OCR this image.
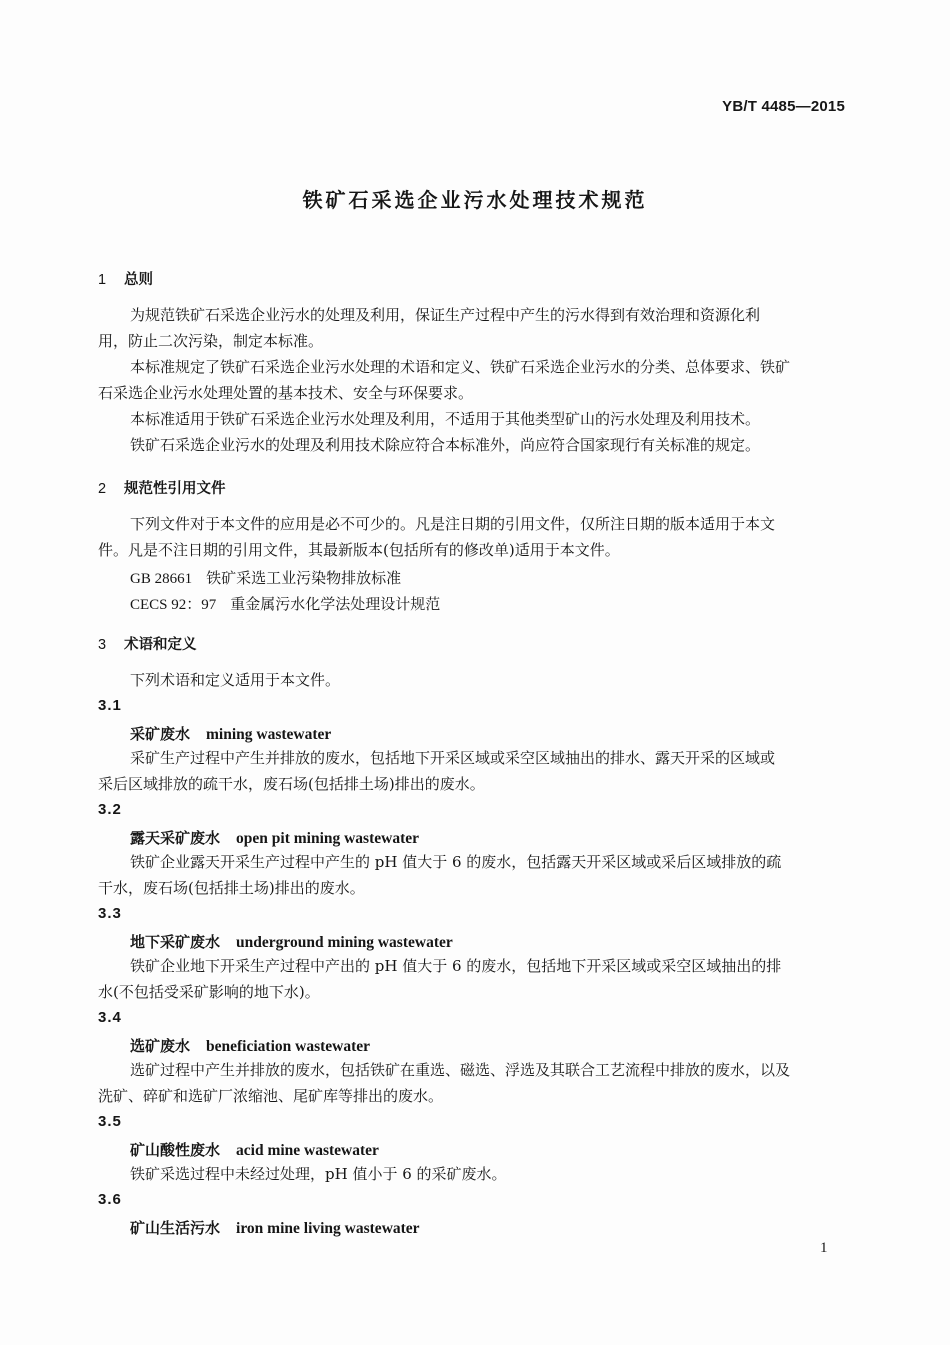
YB/T 4485—2015
铁矿石采选企业污水处理技术规范
1 总则
为规范铁矿石采选企业污水的处理及利用，保证生产过程中产生的污水得到有效治理和资源化利
用，防止二次污染，制定本标准。
本标准规定了铁矿石采选企业污水处理的术语和定义、铁矿石采选企业污水的分类、总体要求、铁矿
石采选企业污水处理处置的基本技术、安全与环保要求。
本标准适用于铁矿石采选企业污水处理及利用，不适用于其他类型矿山的污水处理及利用技术。
铁矿石采选企业污水的处理及利用技术除应符合本标准外，尚应符合国家现行有关标准的规定。
2 规范性引用文件
下列文件对于本文件的应用是必不可少的。凡是注日期的引用文件，仅所注日期的版本适用于本文
件。凡是不注日期的引用文件，其最新版本(包括所有的修改单)适用于本文件。
GB 28661 铁矿采选工业污染物排放标准
CECS 92：97 重金属污水化学法处理设计规范
3 术语和定义
下列术语和定义适用于本文件。
3.1
采矿废水 mining wastewater
采矿生产过程中产生并排放的废水，包括地下开采区域或采空区域抽出的排水、露天开采的区域或
采后区域排放的疏干水，废石场(包括排土场)排出的废水。
3.2
露天采矿废水 open pit mining wastewater
铁矿企业露天开采生产过程中产生的 pH 值大于 6 的废水，包括露天开采区域或采后区域排放的疏
干水，废石场(包括排土场)排出的废水。
3.3
地下采矿废水 underground mining wastewater
铁矿企业地下开采生产过程中产出的 pH 值大于 6 的废水，包括地下开采区域或采空区域抽出的排
水(不包括受采矿影响的地下水)。
3.4
选矿废水 beneficiation wastewater
选矿过程中产生并排放的废水，包括铁矿在重选、磁选、浮选及其联合工艺流程中排放的废水，以及
洗矿、碎矿和选矿厂浓缩池、尾矿库等排出的废水。
3.5
矿山酸性废水 acid mine wastewater
铁矿采选过程中未经过处理，pH 值小于 6 的采矿废水。
3.6
矿山生活污水 iron mine living wastewater
1
